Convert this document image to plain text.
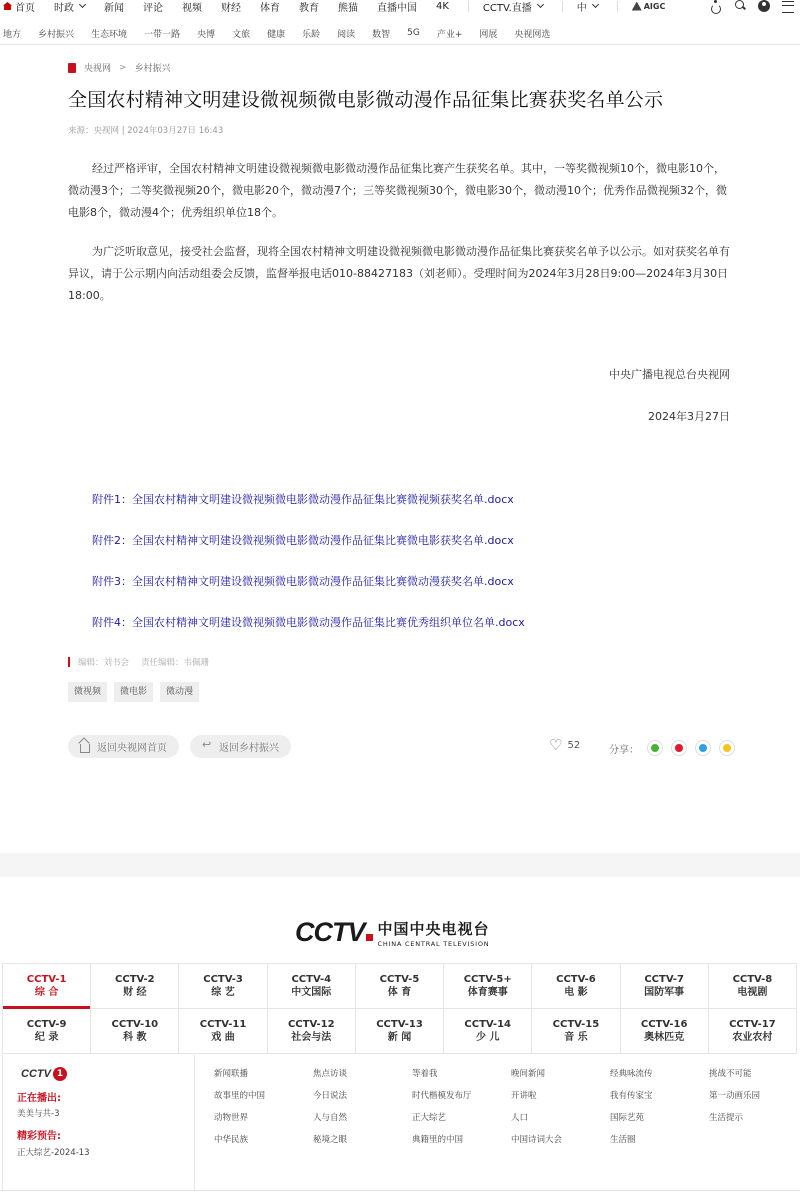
首页 时政	新闻 评论 视频 财经 体育 教育 熊猫 直播中国 4K	CCTV.直播	中	AIGC
地方 乡村振兴 生态环境 一带一路 央博 文旅 健康 乐龄 阅读 数智 5G 产业+ 网展 央视网选
央视网 > 乡村振兴
全国农村精神文明建设微视频微电影微动漫作品征集比赛获奖名单公示
来源：央视网 | 2024年03月27日 16:43

经过严格评审，全国农村精神文明建设微视频微电影微动漫作品征集比赛产生获奖名单。其中，一等奖微视频10个，微电影10个，微动漫3个；二等奖微视频20个，微电影20个，微动漫7个；三等奖微视频30个，微电影30个，微动漫10个；优秀作品微视频32个，微电影8个，微动漫4个；优秀组织单位18个。

为广泛听取意见，接受社会监督，现将全国农村精神文明建设微视频微电影微动漫作品征集比赛获奖名单予以公示。如对获奖名单有异议，请于公示期内向活动组委会反馈，监督举报电话010-88427183（刘老师）。受理时间为2024年3月28日9:00—2024年3月30日18:00。

中央广播电视总台央视网
2024年3月27日
附件1：全国农村精神文明建设微视频微电影微动漫作品征集比赛微视频获奖名单.docx
附件2：全国农村精神文明建设微视频微电影微动漫作品征集比赛微电影获奖名单.docx
附件3：全国农村精神文明建设微视频微电影微动漫作品征集比赛微动漫获奖名单.docx
附件4：全国农村精神文明建设微视频微电影微动漫作品征集比赛优秀组织单位名单.docx
编辑：刘书会 责任编辑：韦佩珊
微视频	微电影	微动漫
返回央视网首页
↩	返回乡村振兴	♡ 52	分享：
CCTV 中国中央电视台
CHINA CENTRAL TELEVISION
CCTV-1
综 合
CCTV-2
财 经
CCTV-3
综 艺
CCTV-4
中文国际
CCTV-5
体 育
CCTV-5+
体育赛事
CCTV-6
电 影
CCTV-7
国防军事
CCTV-8
电视剧
CCTV-9
纪 录
CCTV-10
科 教
CCTV-11
戏 曲
CCTV-12
社会与法
CCTV-13
新 闻
CCTV-14
少 儿
CCTV-15
音 乐
CCTV-16
奥林匹克
CCTV-17
农业农村
CCTV 1
正在播出:
美美与共-3
精彩预告:
正大综艺-2024-13
新闻联播	焦点访谈	等着我	晚间新闻	经典咏流传	挑战不可能
故事里的中国	今日说法	时代楷模发布厅	开讲啦	我有传家宝	第一动画乐园
动物世界	人与自然	正大综艺	人口	国际艺苑	生活提示
中华民族	秘境之眼	典籍里的中国	中国诗词大会	生活圈
